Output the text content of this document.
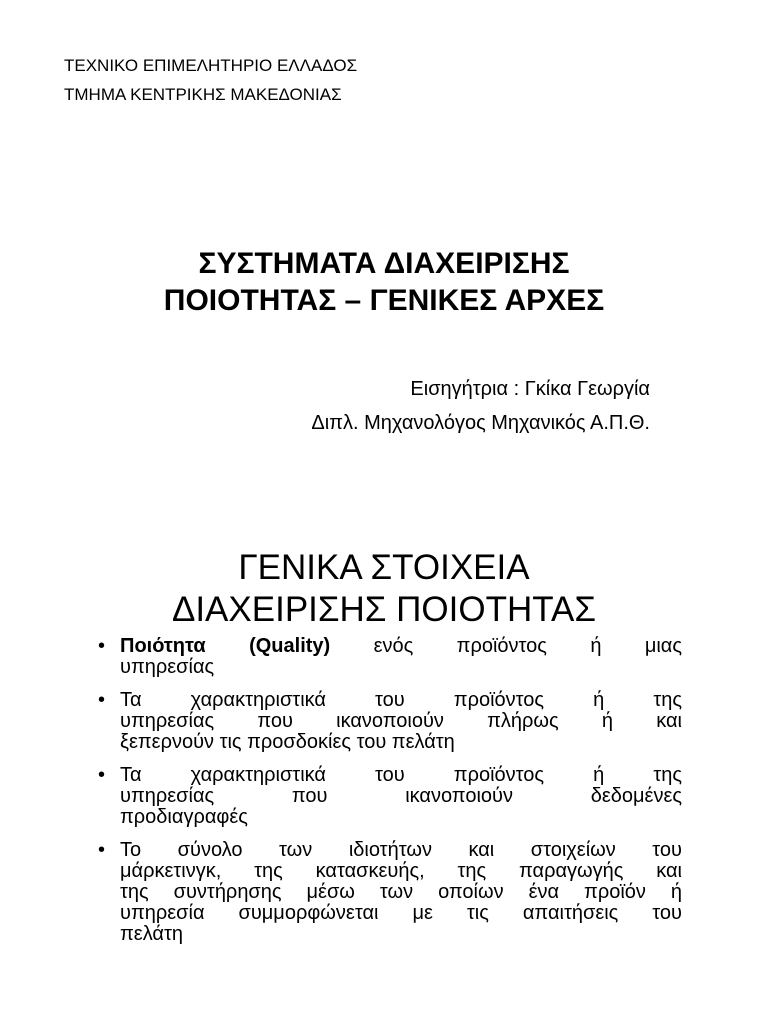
ΤΕΧΝΙΚΟ ΕΠΙΜΕΛΗΤΗΡΙΟ ΕΛΛΑΔΟΣ
ΤΜΗΜΑ ΚΕΝΤΡΙΚΗΣ ΜΑΚΕΔΟΝΙΑΣ
ΣΥΣΤΗΜΑΤΑ ΔΙΑΧΕΙΡΙΣΗΣ
ΠΟΙΟΤΗΤΑΣ – ΓΕΝΙΚΕΣ ΑΡΧΕΣ
Εισηγήτρια : Γκίκα Γεωργία
Διπλ. Μηχανολόγος Μηχανικός Α.Π.Θ.
ΓΕΝΙΚΑ ΣΤΟΙΧΕΙΑ
ΔΙΑΧΕΙΡΙΣΗΣ ΠΟΙΟΤΗΤΑΣ
• Ποιότητα (Quality) ενός προϊόντος ή μιας
υπηρεσίας
• Τα χαρακτηριστικά του προϊόντος ή της
υπηρεσίας που ικανοποιούν πλήρως ή και
ξεπερνούν τις προσδοκίες του πελάτη
• Τα χαρακτηριστικά του προϊόντος ή της
υπηρεσίας που ικανοποιούν δεδομένες
προδιαγραφές
• Το σύνολο των ιδιοτήτων και στοιχείων του
μάρκετινγκ, της κατασκευής, της παραγωγής και
της συντήρησης μέσω των οποίων ένα προϊόν ή
υπηρεσία συμμορφώνεται με τις απαιτήσεις του
πελάτη
